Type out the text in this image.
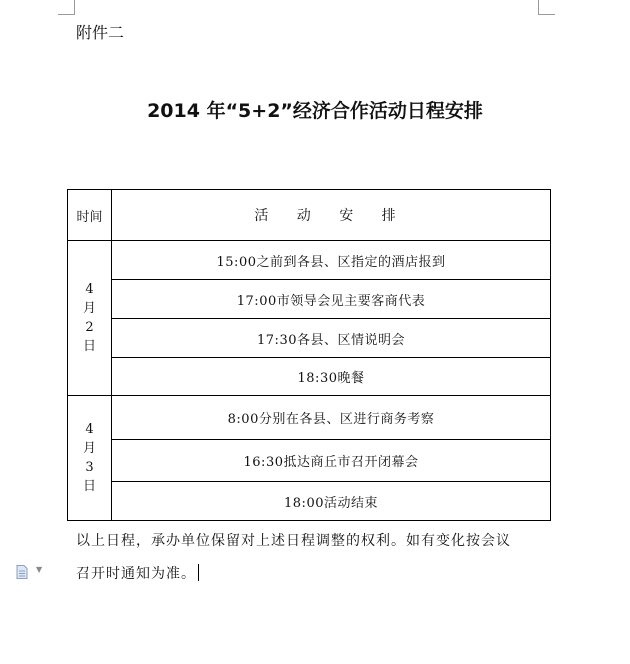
附件二
2014 年“5+2”经济合作活动日程安排
时间	活 动 安 排

4
月
2
日	15:00之前到各县、区指定的酒店报到
	17:00市领导会见主要客商代表
	17:30各县、区情说明会
	18:30晚餐

4
月
3
日	8:00分别在各县、区进行商务考察
	16:30抵达商丘市召开闭幕会
	18:00活动结束
以上日程，承办单位保留对上述日程调整的权利。如有变化按会议
召开时通知为准。
▼
